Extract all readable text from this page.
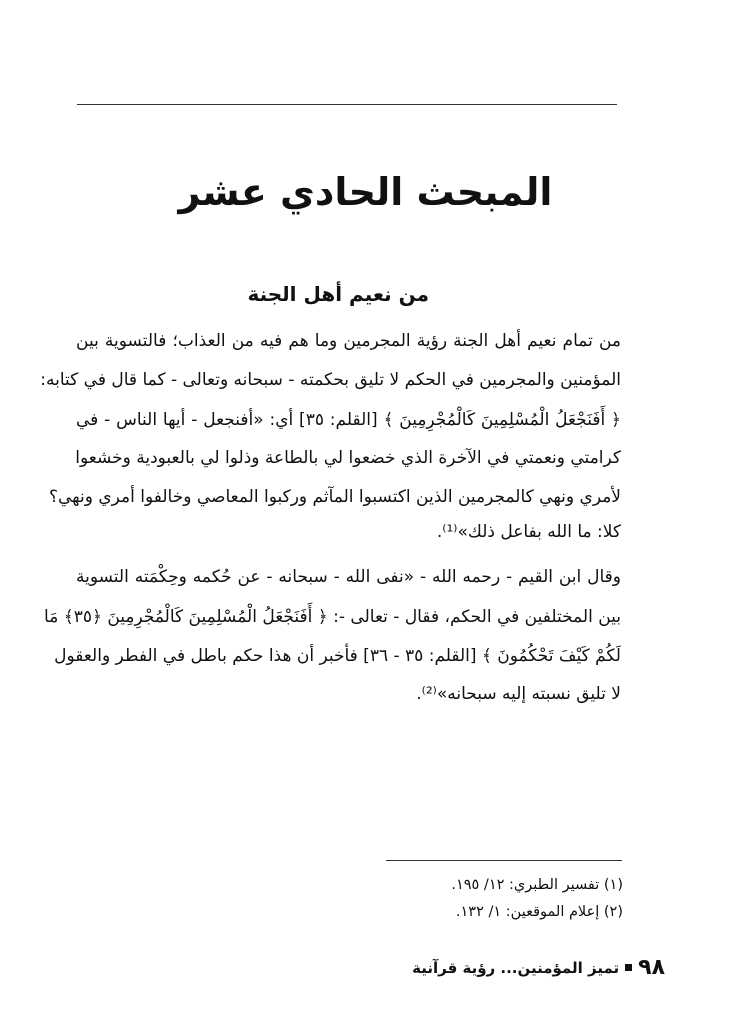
المبحث الحادي عشر
من نعيم أهل الجنة
من تمام نعيم أهل الجنة رؤية المجرمين وما هم فيه من العذاب؛ فالتسوية بين
المؤمنين والمجرمين في الحكم لا تليق بحكمته - سبحانه وتعالى - كما قال في كتابه:
﴿ أَفَنَجْعَلُ الْمُسْلِمِينَ كَالْمُجْرِمِينَ ﴾ [القلم: ٣٥] أي: «أفنجعل - أيها الناس - في
كرامتي ونعمتي في الآخرة الذي خضعوا لي بالطاعة وذلوا لي بالعبودية وخشعوا
لأمري ونهي كالمجرمين الذين اكتسبوا المآثم وركبوا المعاصي وخالفوا أمري ونهي؟
كلا: ما الله بفاعل ذلك»⁽¹⁾.
وقال ابن القيم - رحمه الله - «نفى الله - سبحانه - عن حُكمه وحِكْمَته التسوية
بين المختلفين في الحكم، فقال - تعالى -: ﴿ أَفَنَجْعَلُ الْمُسْلِمِينَ كَالْمُجْرِمِينَ ﴿٣٥﴾ مَا
لَكُمْ كَيْفَ تَحْكُمُونَ ﴾ [القلم: ٣٥ - ٣٦] فأخبر أن هذا حكم باطل في الفطر والعقول
لا تليق نسبته إليه سبحانه»⁽²⁾.
(١) تفسير الطبري: ١٢/ ١٩٥.
(٢) إعلام الموقعين: ١/ ١٣٢.
٩٨
تميز المؤمنين... رؤية قرآنية
